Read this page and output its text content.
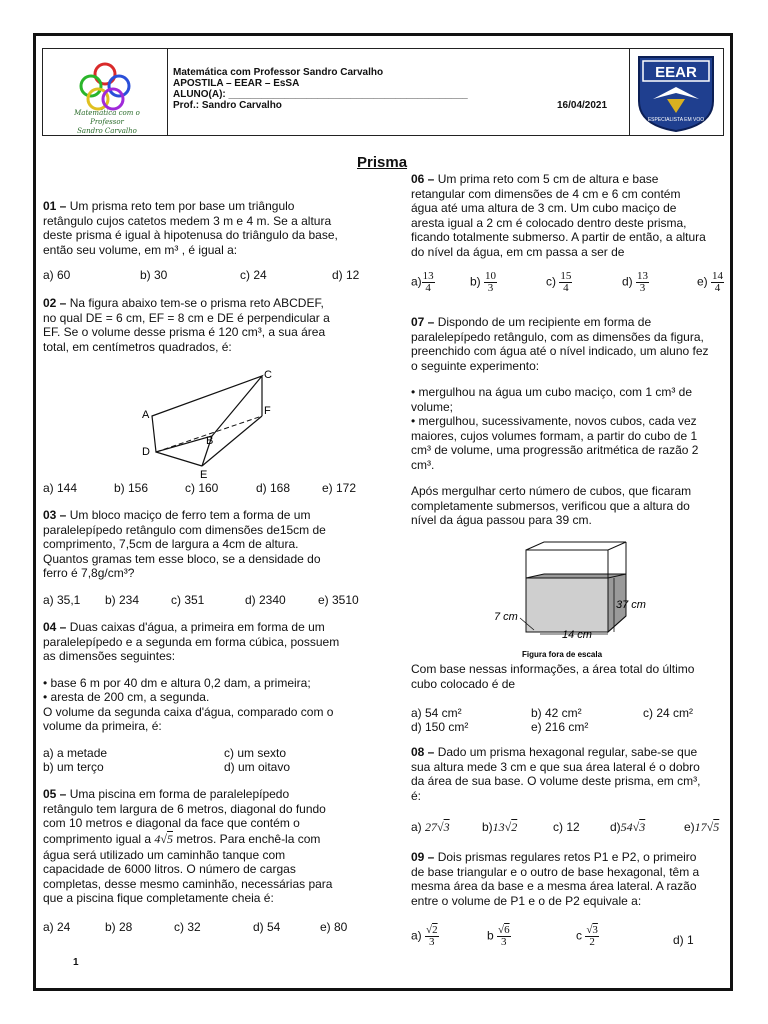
Matemática com o Professor
Sandro Carvalho
Matemática com Professor Sandro Carvalho
APOSTILA – EEAR – EsSA
ALUNO(A): ___________________________________________
Prof.: Sandro Carvalho	16/04/2021
EEAR
ESPECIALISTA EM VOO
Prisma
01 – Um prisma reto tem por base um triângulo
retângulo cujos catetos medem 3 m e 4 m. Se a altura
deste prisma é igual à hipotenusa do triângulo da base,
então seu volume, em m³ , é igual a:
a) 60	b) 30	c) 24	d) 12
02 – Na figura abaixo tem-se o prisma reto ABCDEF,
no qual DE = 6 cm, EF = 8 cm e DE é perpendicular a
EF. Se o volume desse prisma é 120 cm³, a sua área
total, em centímetros quadrados, é:
A
B
C
D
E
F
a) 144	b) 156	c) 160	d) 168	e) 172
03 – Um bloco maciço de ferro tem a forma de um
paralelepípedo retângulo com dimensões de15cm de
comprimento, 7,5cm de largura a 4cm de altura.
Quantos gramas tem esse bloco, se a densidade do
ferro é 7,8g/cm³?
a) 35,1 b) 234	c) 351	d) 2340	e) 3510
04 – Duas caixas d'água, a primeira em forma de um
paralelepípedo e a segunda em forma cúbica, possuem
as dimensões seguintes:
• base 6 m por 40 dm e altura 0,2 dam, a primeira;
• aresta de 200 cm, a segunda.
O volume da segunda caixa d'água, comparado com o
volume da primeira, é:
a) a metade	c) um sexto
b) um terço	d) um oitavo
05 – Uma piscina em forma de paralelepípedo
retângulo tem largura de 6 metros, diagonal do fundo
com 10 metros e diagonal da face que contém o
comprimento igual a 4√5 metros. Para enchê-la com
água será utilizado um caminhão tanque com
capacidade de 6000 litros. O número de cargas
completas, desse mesmo caminhão, necessárias para
que a piscina fique completamente cheia é:
a) 24	b) 28	c) 32	d) 54	e) 80
06 – Um prima reto com 5 cm de altura e base
retangular com dimensões de 4 cm e 6 cm contém
água até uma altura de 3 cm. Um cubo maciço de
aresta igual a 2 cm é colocado dentro deste prisma,
ficando totalmente submerso. A partir de então, a altura
do nível da água, em cm passa a ser de
$a) \frac{13}{4}$	$b) \frac{10}{3}$	$c) \frac{15}{4}$	$d) \frac{13}{3}$	$e) \frac{14}{4}$
07 – Dispondo de um recipiente em forma de
paralelepípedo retângulo, com as dimensões da figura,
preenchido com água até o nível indicado, um aluno fez
o seguinte experimento:
• mergulhou na água um cubo maciço, com 1 cm³ de
volume;
• mergulhou, sucessivamente, novos cubos, cada vez
maiores, cujos volumes formam, a partir do cubo de 1
cm³ de volume, uma progressão aritmética de razão 2
cm³.
Após mergulhar certo número de cubos, que ficaram
completamente submersos, verificou que a altura do
nível da água passou para 39 cm.
37 cm
7 cm
14 cm
Figura fora de escala
Com base nessas informações, a área total do último
cubo colocado é de
a) 54 cm²	b) 42 cm²	c) 24 cm²
d) 150 cm²	e) 216 cm²
08 – Dado um prisma hexagonal regular, sabe-se que
sua altura mede 3 cm e que sua área lateral é o dobro
da área de sua base. O volume deste prisma, em cm³,
é:
a) 27√3	b)13√2	c) 12	d)54√3	e)17√5
09 – Dois prismas regulares retos P1 e P2, o primeiro
de base triangular e o outro de base hexagonal, têm a
mesma área da base e a mesma área lateral. A razão
entre o volume de P1 e o de P2 equivale a:
$a) \frac{√2}{3}$	b $\frac{√6}{3}$	c $\frac{√3}{2}$	d) 1
1
